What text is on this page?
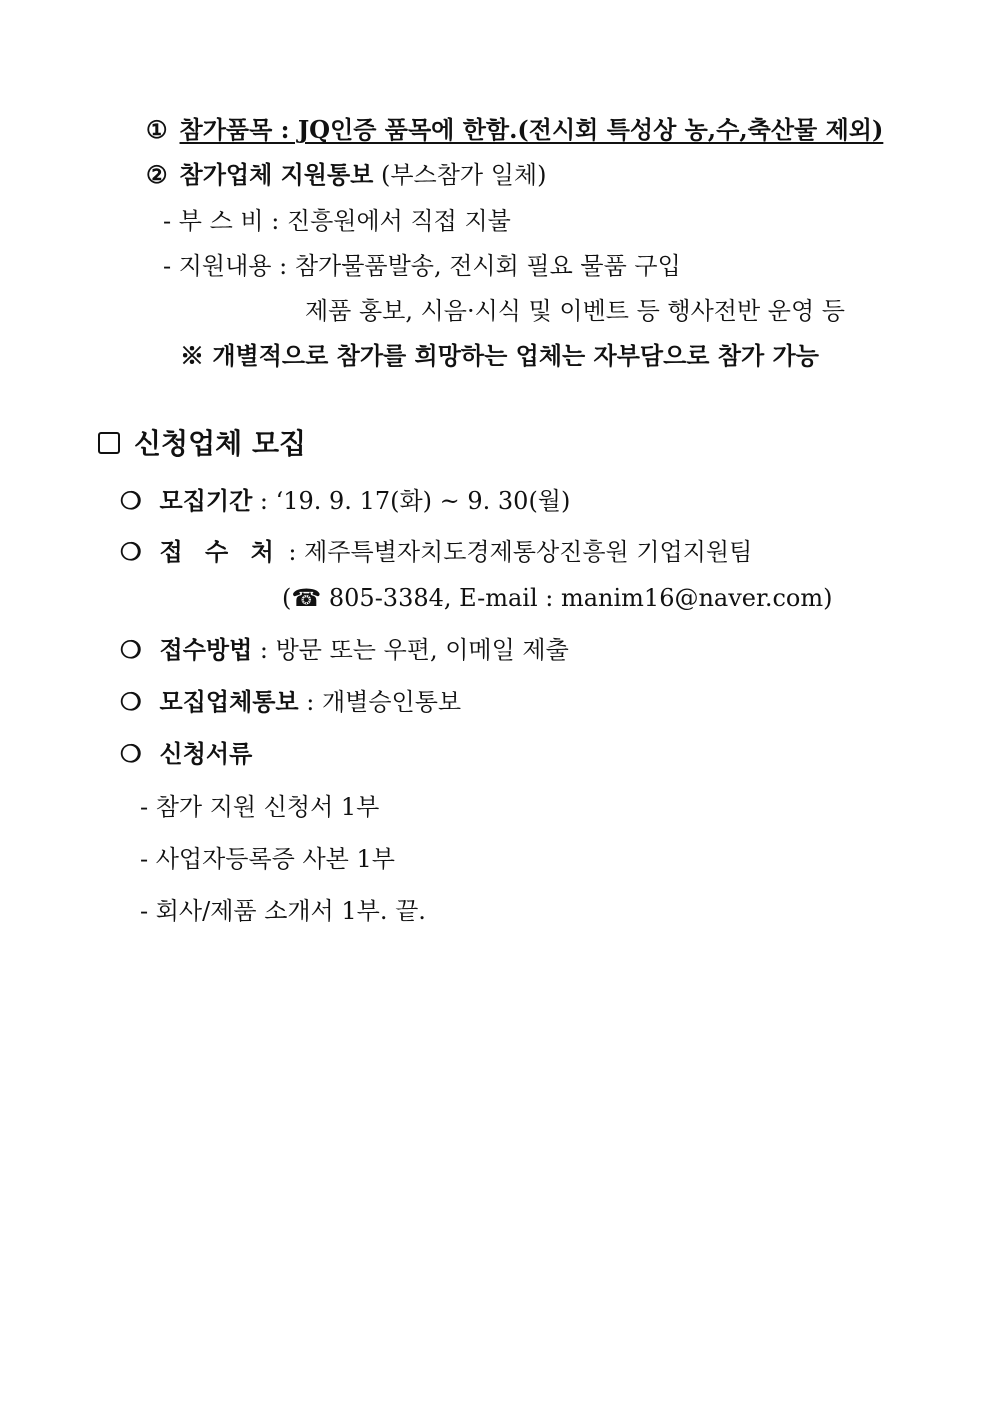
① 참가품목 : JQ인증 품목에 한함.(전시회 특성상 농,수,축산물 제외)
② 참가업체 지원통보 (부스참가 일체)
- 부 스 비 : 진흥원에서 직접 지불
- 지원내용 : 참가물품발송, 전시회 필요 물품 구입
제품 홍보, 시음·시식 및 이벤트 등 행사전반 운영 등
※ 개별적으로 참가를 희망하는 업체는 자부담으로 참가 가능
신청업체 모집
❍ 모집기간 : ‘19. 9. 17(화) ~ 9. 30(월)
❍ 접 수 처 : 제주특별자치도경제통상진흥원 기업지원팀
(☎ 805-3384, E-mail : manim16@naver.com)
❍ 접수방법 : 방문 또는 우편, 이메일 제출
❍ 모집업체통보 : 개별승인통보
❍ 신청서류
- 참가 지원 신청서 1부
- 사업자등록증 사본 1부
- 회사/제품 소개서 1부. 끝.
